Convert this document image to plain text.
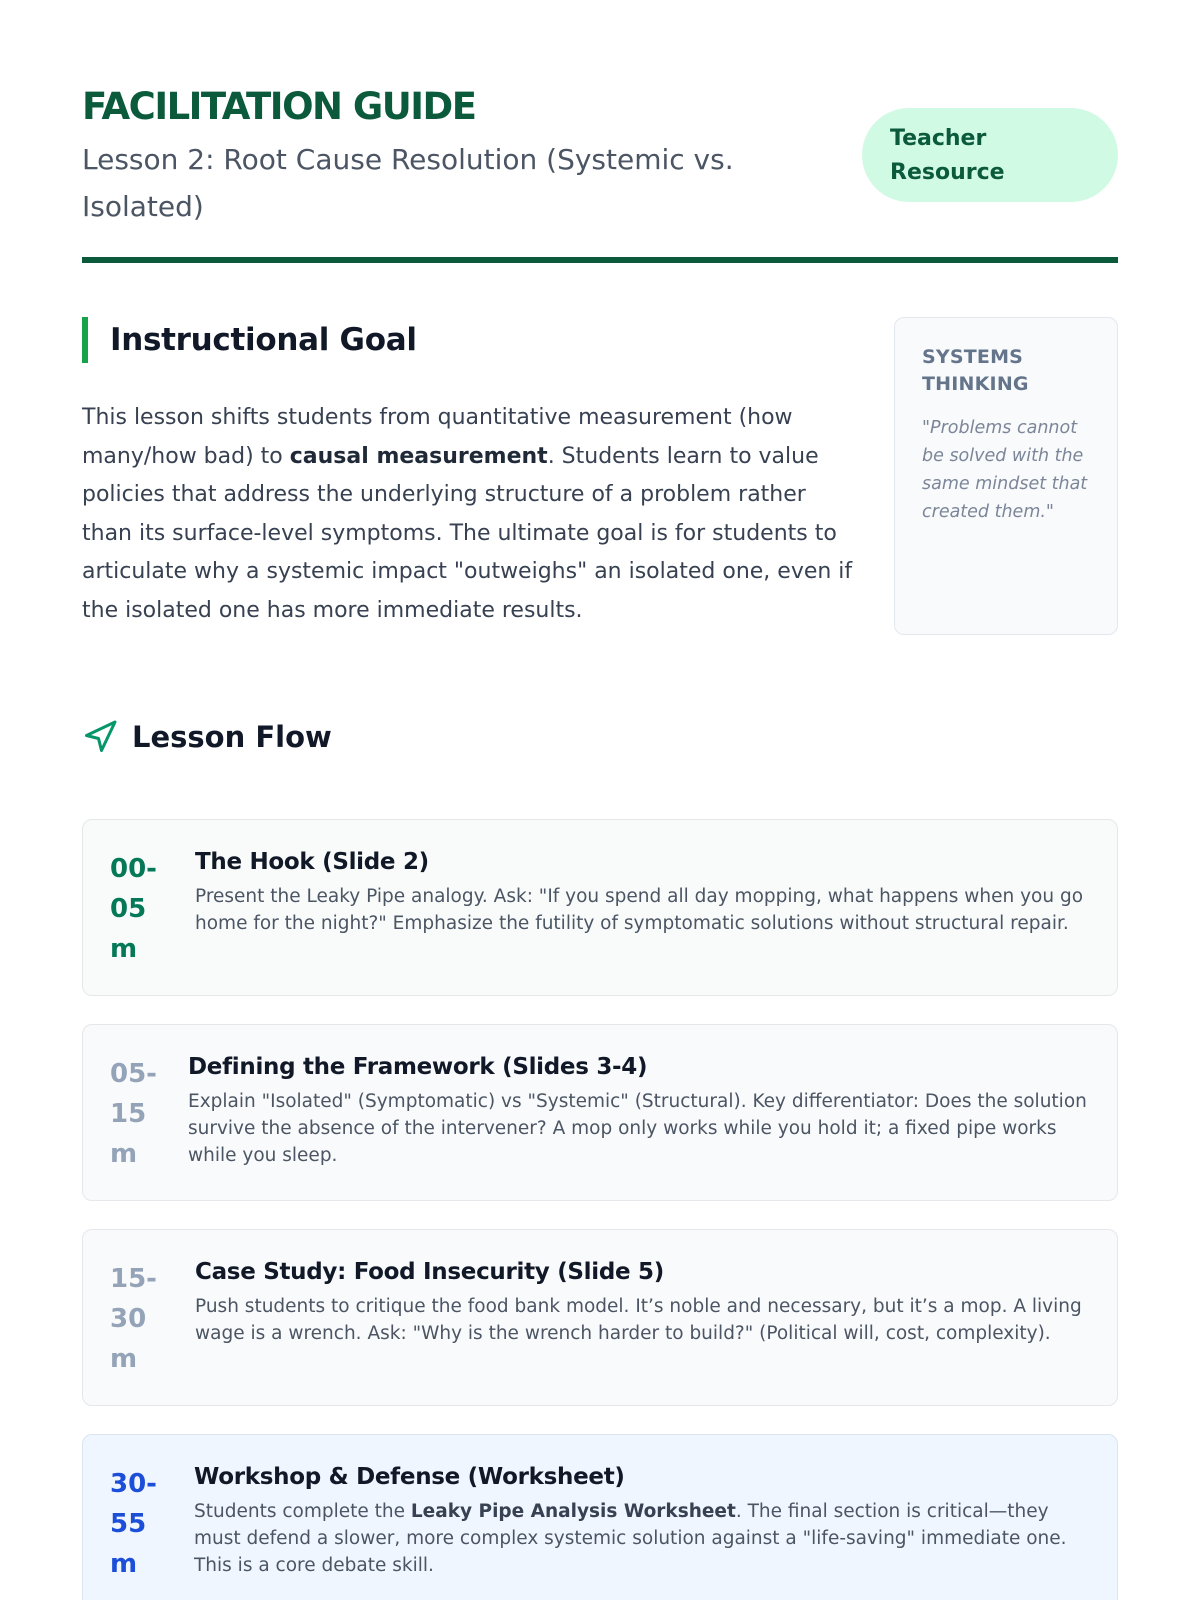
FACILITATION GUIDE
Lesson 2: Root Cause Resolution (Systemic vs. Isolated)
Teacher Resource
Instructional Goal

This lesson shifts students from quantitative measurement (how many/how bad) to causal measurement. Students learn to value policies that address the underlying structure of a problem rather than its surface-level symptoms. The ultimate goal is for students to articulate why a systemic impact "outweighs" an isolated one, even if the isolated one has more immediate results.

SYSTEMS THINKING
"Problems cannot be solved with the same mindset that created them."
Lesson Flow
00-
05m
The Hook (Slide 2)
Present the Leaky Pipe analogy. Ask: "If you spend all day mopping, what happens when you go home for the night?" Emphasize the futility of symptomatic solutions without structural repair.
05-
15m
Defining the Framework (Slides 3-4)
Explain "Isolated" (Symptomatic) vs "Systemic" (Structural). Key differentiator: Does the solution survive the absence of the intervener? A mop only works while you hold it; a fixed pipe works while you sleep.
15-
30m
Case Study: Food Insecurity (Slide 5)
Push students to critique the food bank model. It’s noble and necessary, but it’s a mop. A living wage is a wrench. Ask: "Why is the wrench harder to build?" (Political will, cost, complexity).
30-
55m
Workshop & Defense (Worksheet)
Students complete the Leaky Pipe Analysis Worksheet. The final section is critical—they must defend a slower, more complex systemic solution against a "life-saving" immediate one. This is a core debate skill.
